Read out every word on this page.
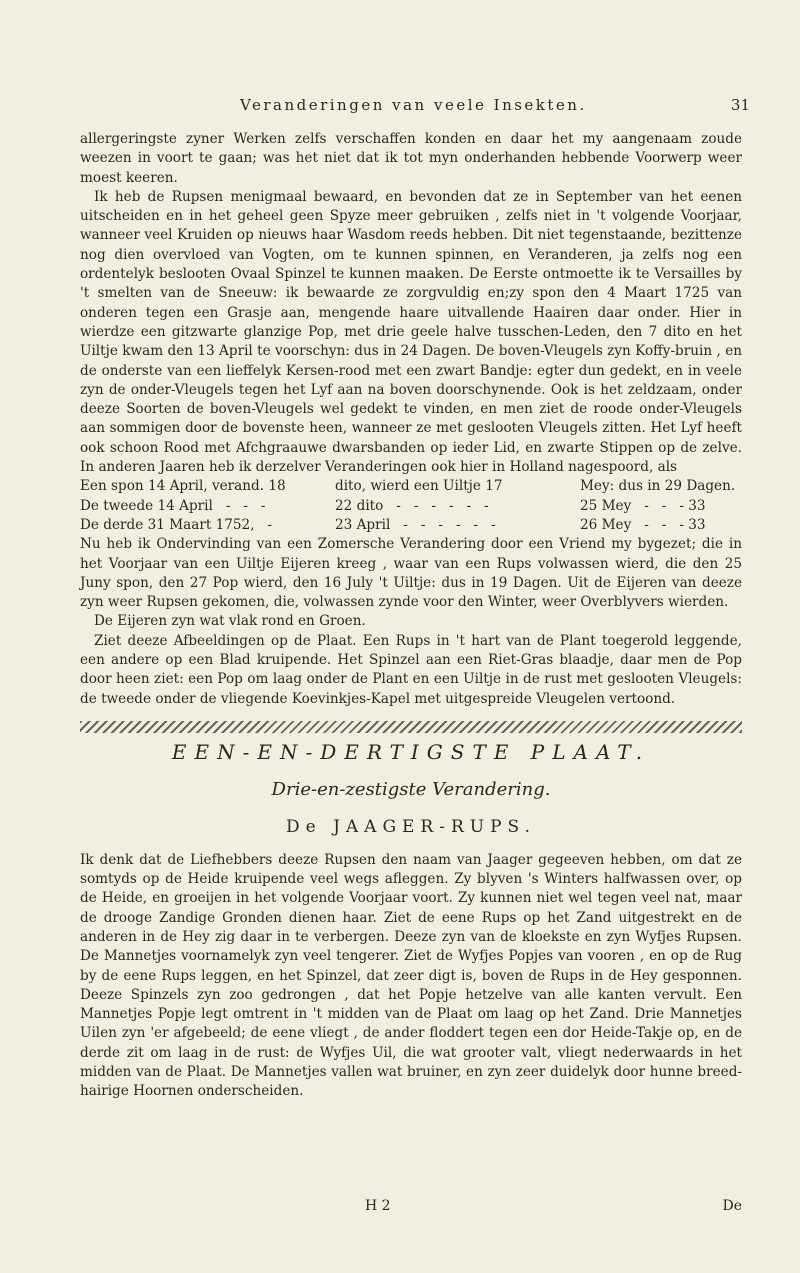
Veranderingen van veele Insekten.	31

allergeringste zyner Werken zelfs verschaffen konden en daar het my aangenaam zoude weezen in voort te gaan; was het niet dat ik tot myn onderhanden hebbende Voorwerp weer moest keeren.

Ik heb de Rupsen menigmaal bewaard, en bevonden dat ze in September van het eenen uitscheiden en in het geheel geen Spyze meer gebruiken , zelfs niet in 't volgende Voorjaar, wanneer veel Kruiden op nieuws haar Wasdom reeds hebben. Dit niet tegenstaande, bezittenze nog dien overvloed van Vogten, om te kunnen spinnen, en Veranderen, ja zelfs nog een ordentelyk beslooten Ovaal Spinzel te kunnen maaken. De Eerste ontmoette ik te Versailles by 't smelten van de Sneeuw: ik bewaarde ze zorgvuldig en;zy spon den 4 Maart 1725 van onderen tegen een Grasje aan, mengende haare uitvallende Haairen daar onder. Hier in wierdze een gitzwarte glanzige Pop, met drie geele halve tusschen-Leden, den 7 dito en het Uiltje kwam den 13 April te voorschyn: dus in 24 Dagen. De boven-Vleugels zyn Koffy-bruin , en de onderste van een lieffelyk Kersen-rood met een zwart Bandje: egter dun gedekt, en in veele zyn de onder-Vleugels tegen het Lyf aan na boven doorschynende. Ook is het zeldzaam, onder deeze Soorten de boven-Vleugels wel gedekt te vinden, en men ziet de roode onder-Vleugels aan sommigen door de bovenste heen, wanneer ze met geslooten Vleugels zitten. Het Lyf heeft ook schoon Rood met Afchgraauwe dwarsbanden op ieder Lid, en zwarte Stippen op de zelve. In anderen Jaaren heb ik derzelver Veranderingen ook hier in Holland nagespoord, als

Een spon 14 April, verand. 18	dito, wierd een Uiltje 17	Mey: dus in 29 Dagen.
De tweede 14 April   -   -   -	22 dito   -   -   -   -   -   -	25 Mey   -   -   - 33
De derde 31 Maart 1752,   -	23 April   -   -   -   -   -   -	26 Mey   -   -   - 33

Nu heb ik Ondervinding van een Zomersche Verandering door een Vriend my bygezet; die in het Voorjaar van een Uiltje Eijeren kreeg , waar van een Rups volwassen wierd, die den 25 Juny spon, den 27 Pop wierd, den 16 July 't Uiltje: dus in 19 Dagen. Uit de Eijeren van deeze zyn weer Rupsen gekomen, die, volwassen zynde voor den Winter, weer Overblyvers wierden.

De Eijeren zyn wat vlak rond en Groen.

Ziet deeze Afbeeldingen op de Plaat. Een Rups in 't hart van de Plant toegerold leggende, een andere op een Blad kruipende. Het Spinzel aan een Riet-Gras blaadje, daar men de Pop door heen ziet: een Pop om laag onder de Plant en een Uiltje in de rust met geslooten Vleugels: de tweede onder de vliegende Koevinkjes-Kapel met uitgespreide Vleugelen vertoond.

EEN-EN-DERTIGSTE PLAAT.
Drie-en-zestigste Verandering.
De JAAGER-RUPS.

Ik denk dat de Liefhebbers deeze Rupsen den naam van Jaager gegeeven hebben, om dat ze somtyds op de Heide kruipende veel wegs afleggen. Zy blyven 's Winters halfwassen over, op de Heide, en groeijen in het volgende Voorjaar voort. Zy kunnen niet wel tegen veel nat, maar de drooge Zandige Gronden dienen haar. Ziet de eene Rups op het Zand uitgestrekt en de anderen in de Hey zig daar in te verbergen. Deeze zyn van de kloekste en zyn Wyfjes Rupsen. De Mannetjes voornamelyk zyn veel tengerer. Ziet de Wyfjes Popjes van vooren , en op de Rug by de eene Rups leggen, en het Spinzel, dat zeer digt is, boven de Rups in de Hey gesponnen. Deeze Spinzels zyn zoo gedrongen , dat het Popje hetzelve van alle kanten vervult. Een Mannetjes Popje legt omtrent in 't midden van de Plaat om laag op het Zand. Drie Mannetjes Uilen zyn 'er afgebeeld; de eene vliegt , de ander floddert tegen een dor Heide-Takje op, en de derde zit om laag in de rust: de Wyfjes Uil, die wat grooter valt, vliegt nederwaards in het midden van de Plaat. De Mannetjes vallen wat bruiner, en zyn zeer duidelyk door hunne breed-hairige Hoornen onderscheiden.

H 2	De
